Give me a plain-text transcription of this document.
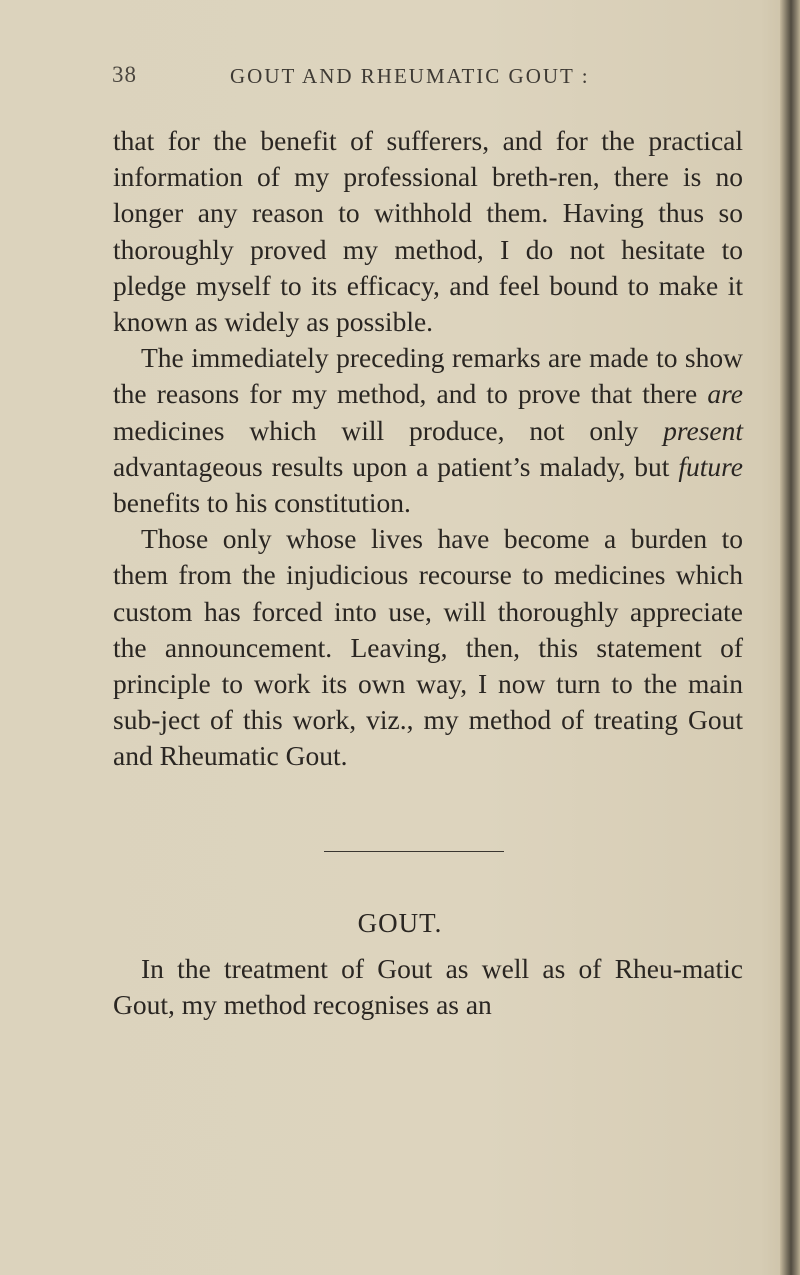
38	GOUT AND RHEUMATIC GOUT :

that for the benefit of sufferers, and for the practical information of my professional breth-ren, there is no longer any reason to withhold them. Having thus so thoroughly proved my method, I do not hesitate to pledge myself to its efficacy, and feel bound to make it known as widely as possible.

The immediately preceding remarks are made to show the reasons for my method, and to prove that there are medicines which will produce, not only present advantageous results upon a patient’s malady, but future benefits to his constitution.

Those only whose lives have become a burden to them from the injudicious recourse to medicines which custom has forced into use, will thoroughly appreciate the announcement. Leaving, then, this statement of principle to work its own way, I now turn to the main sub-ject of this work, viz., my method of treating Gout and Rheumatic Gout.

GOUT.

In the treatment of Gout as well as of Rheu-matic Gout, my method recognises as an
